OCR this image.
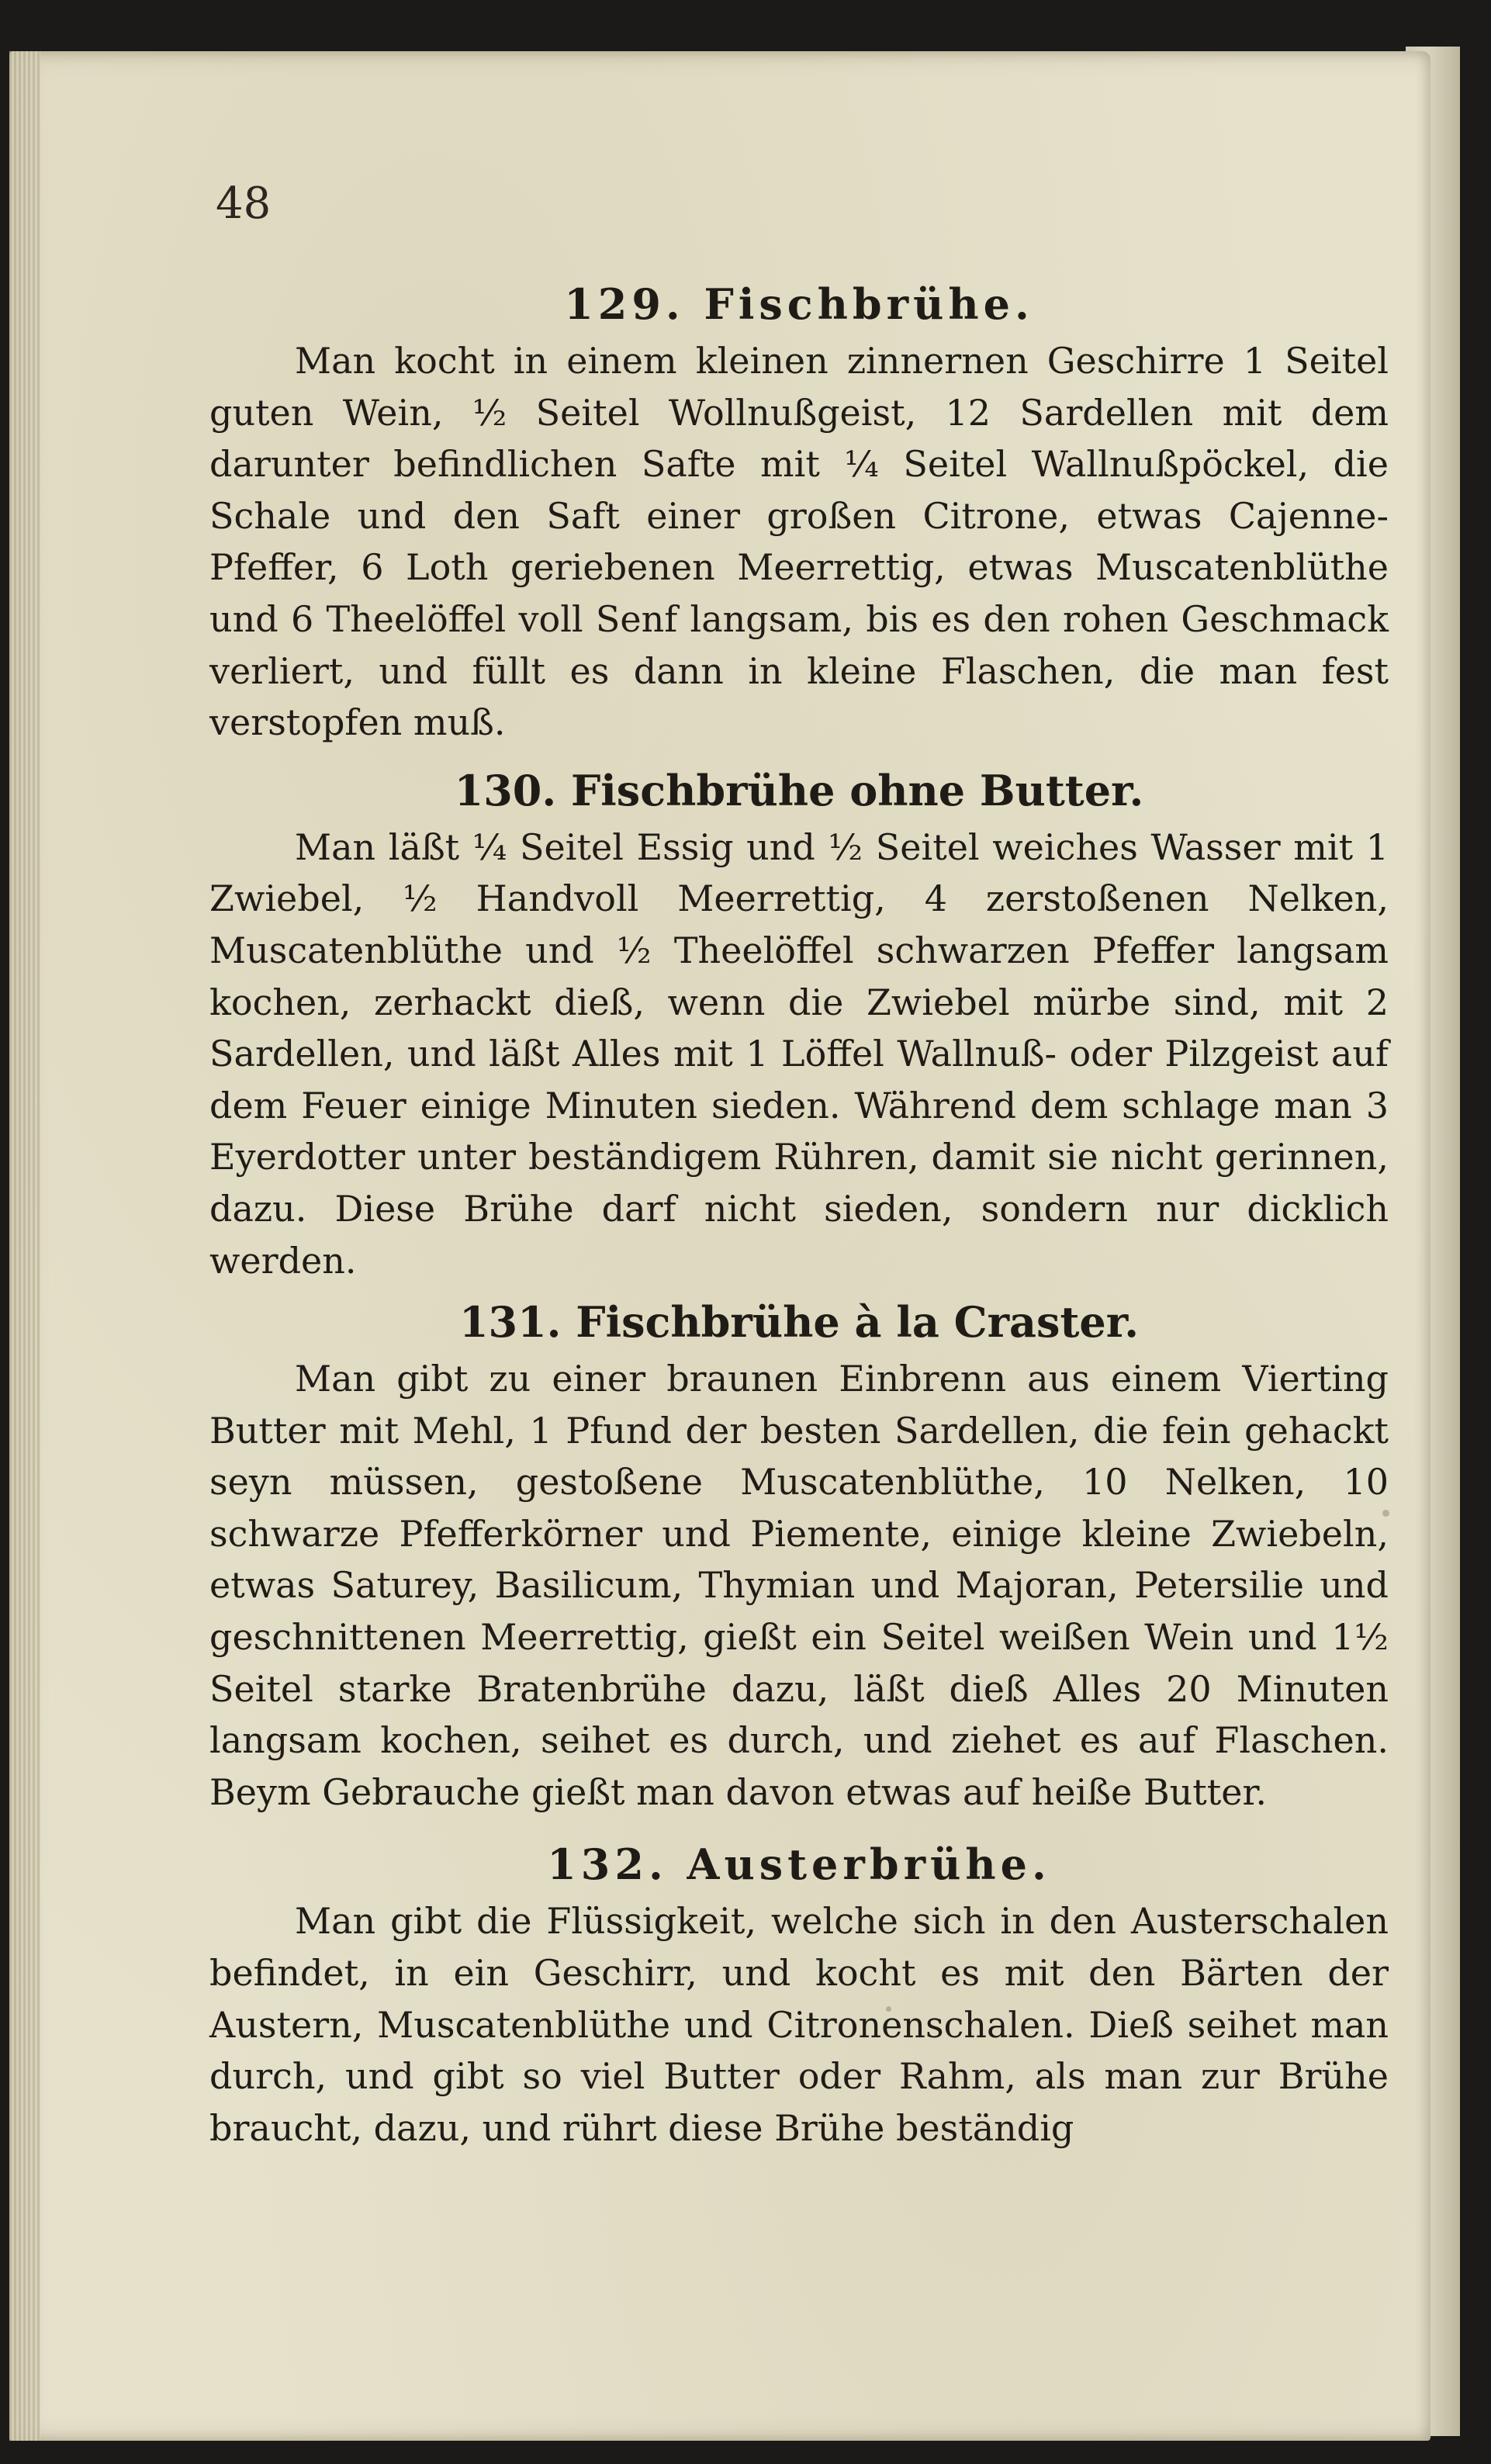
48
129. Fischbrühe.

Man kocht in einem kleinen zinnernen Geschirre 1 Seitel guten Wein, ½ Seitel Wollnußgeist, 12 Sardellen mit dem darunter befindlichen Safte mit ¼ Seitel Wallnußpöckel, die Schale und den Saft einer großen Citrone, etwas Cajenne-Pfeffer, 6 Loth geriebenen Meerrettig, etwas Muscatenblüthe und 6 Theelöffel voll Senf langsam, bis es den rohen Geschmack verliert, und füllt es dann in kleine Flaschen, die man fest verstopfen muß.

130. Fischbrühe ohne Butter.

Man läßt ¼ Seitel Essig und ½ Seitel weiches Wasser mit 1 Zwiebel, ½ Handvoll Meerrettig, 4 zerstoßenen Nelken, Muscatenblüthe und ½ Theelöffel schwarzen Pfeffer langsam kochen, zerhackt dieß, wenn die Zwiebel mürbe sind, mit 2 Sardellen, und läßt Alles mit 1 Löffel Wallnuß- oder Pilzgeist auf dem Feuer einige Minuten sieden. Während dem schlage man 3 Eyerdotter unter beständigem Rühren, damit sie nicht gerinnen, dazu. Diese Brühe darf nicht sieden, sondern nur dicklich werden.

131. Fischbrühe à la Craster.

Man gibt zu einer braunen Einbrenn aus einem Vierting Butter mit Mehl, 1 Pfund der besten Sardellen, die fein gehackt seyn müssen, gestoßene Muscatenblüthe, 10 Nelken, 10 schwarze Pfefferkörner und Piemente, einige kleine Zwiebeln, etwas Saturey, Basilicum, Thymian und Majoran, Petersilie und geschnittenen Meerrettig, gießt ein Seitel weißen Wein und 1½ Seitel starke Bratenbrühe dazu, läßt dieß Alles 20 Minuten langsam kochen, seihet es durch, und ziehet es auf Flaschen. Beym Gebrauche gießt man davon etwas auf heiße Butter.

132. Austerbrühe.

Man gibt die Flüssigkeit, welche sich in den Austerschalen befindet, in ein Geschirr, und kocht es mit den Bärten der Austern, Muscatenblüthe und Citronenschalen. Dieß seihet man durch, und gibt so viel Butter oder Rahm, als man zur Brühe braucht, dazu, und rührt diese Brühe beständig
